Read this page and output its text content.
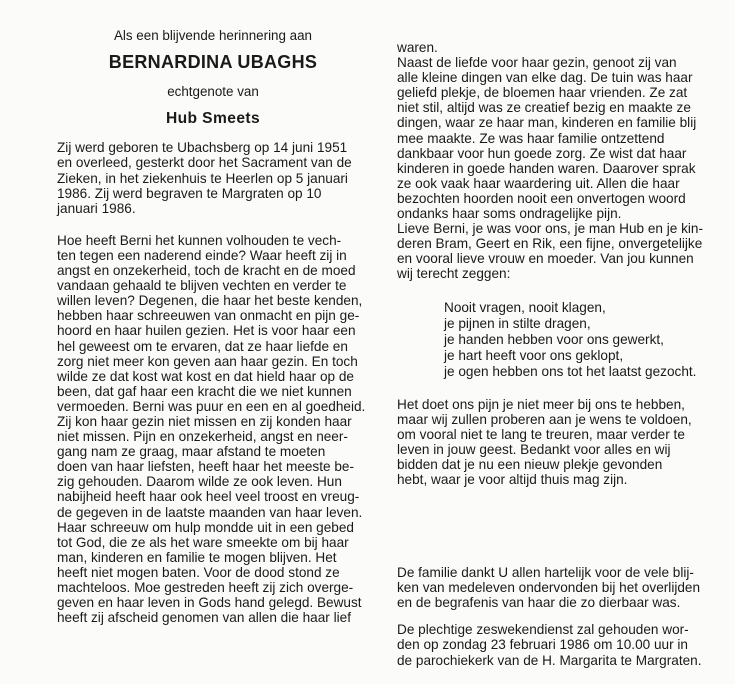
Als een blijvende herinnering aan
BERNARDINA UBAGHS
echtgenote van
Hub Smeets
Zij werd geboren te Ubachsberg op 14 juni 1951
en overleed, gesterkt door het Sacrament van de
Zieken, in het ziekenhuis te Heerlen op 5 januari
1986. Zij werd begraven te Margraten op 10
januari 1986.
Hoe heeft Berni het kunnen volhouden te vech-
ten tegen een naderend einde? Waar heeft zij in
angst en onzekerheid, toch de kracht en de moed
vandaan gehaald te blijven vechten en verder te
willen leven? Degenen, die haar het beste kenden,
hebben haar schreeuwen van onmacht en pijn ge-
hoord en haar huilen gezien. Het is voor haar een
hel geweest om te ervaren, dat ze haar liefde en
zorg niet meer kon geven aan haar gezin. En toch
wilde ze dat kost wat kost en dat hield haar op de
been, dat gaf haar een kracht die we niet kunnen
vermoeden. Berni was puur en een en al goedheid.
Zij kon haar gezin niet missen en zij konden haar
niet missen. Pijn en onzekerheid, angst en neer-
gang nam ze graag, maar afstand te moeten
doen van haar liefsten, heeft haar het meeste be-
zig gehouden. Daarom wilde ze ook leven. Hun
nabijheid heeft haar ook heel veel troost en vreug-
de gegeven in de laatste maanden van haar leven.
Haar schreeuw om hulp mondde uit in een gebed
tot God, die ze als het ware smeekte om bij haar
man, kinderen en familie te mogen blijven. Het
heeft niet mogen baten. Voor de dood stond ze
machteloos. Moe gestreden heeft zij zich overge-
geven en haar leven in Gods hand gelegd. Bewust
heeft zij afscheid genomen van allen die haar lief
waren.
Naast de liefde voor haar gezin, genoot zij van
alle kleine dingen van elke dag. De tuin was haar
geliefd plekje, de bloemen haar vrienden. Ze zat
niet stil, altijd was ze creatief bezig en maakte ze
dingen, waar ze haar man, kinderen en familie blij
mee maakte. Ze was haar familie ontzettend
dankbaar voor hun goede zorg. Ze wist dat haar
kinderen in goede handen waren. Daarover sprak
ze ook vaak haar waardering uit. Allen die haar
bezochten hoorden nooit een onvertogen woord
ondanks haar soms ondragelijke pijn.
Lieve Berni, je was voor ons, je man Hub en je kin-
deren Bram, Geert en Rik, een fijne, onvergetelijke
en vooral lieve vrouw en moeder. Van jou kunnen
wij terecht zeggen:
Nooit vragen, nooit klagen,
je pijnen in stilte dragen,
je handen hebben voor ons gewerkt,
je hart heeft voor ons geklopt,
je ogen hebben ons tot het laatst gezocht.
Het doet ons pijn je niet meer bij ons te hebben,
maar wij zullen proberen aan je wens te voldoen,
om vooral niet te lang te treuren, maar verder te
leven in jouw geest. Bedankt voor alles en wij
bidden dat je nu een nieuw plekje gevonden
hebt, waar je voor altijd thuis mag zijn.
De familie dankt U allen hartelijk voor de vele blij-
ken van medeleven ondervonden bij het overlijden
en de begrafenis van haar die zo dierbaar was.
De plechtige zeswekendienst zal gehouden wor-
den op zondag 23 februari 1986 om 10.00 uur in
de parochiekerk van de H. Margarita te Margraten.
